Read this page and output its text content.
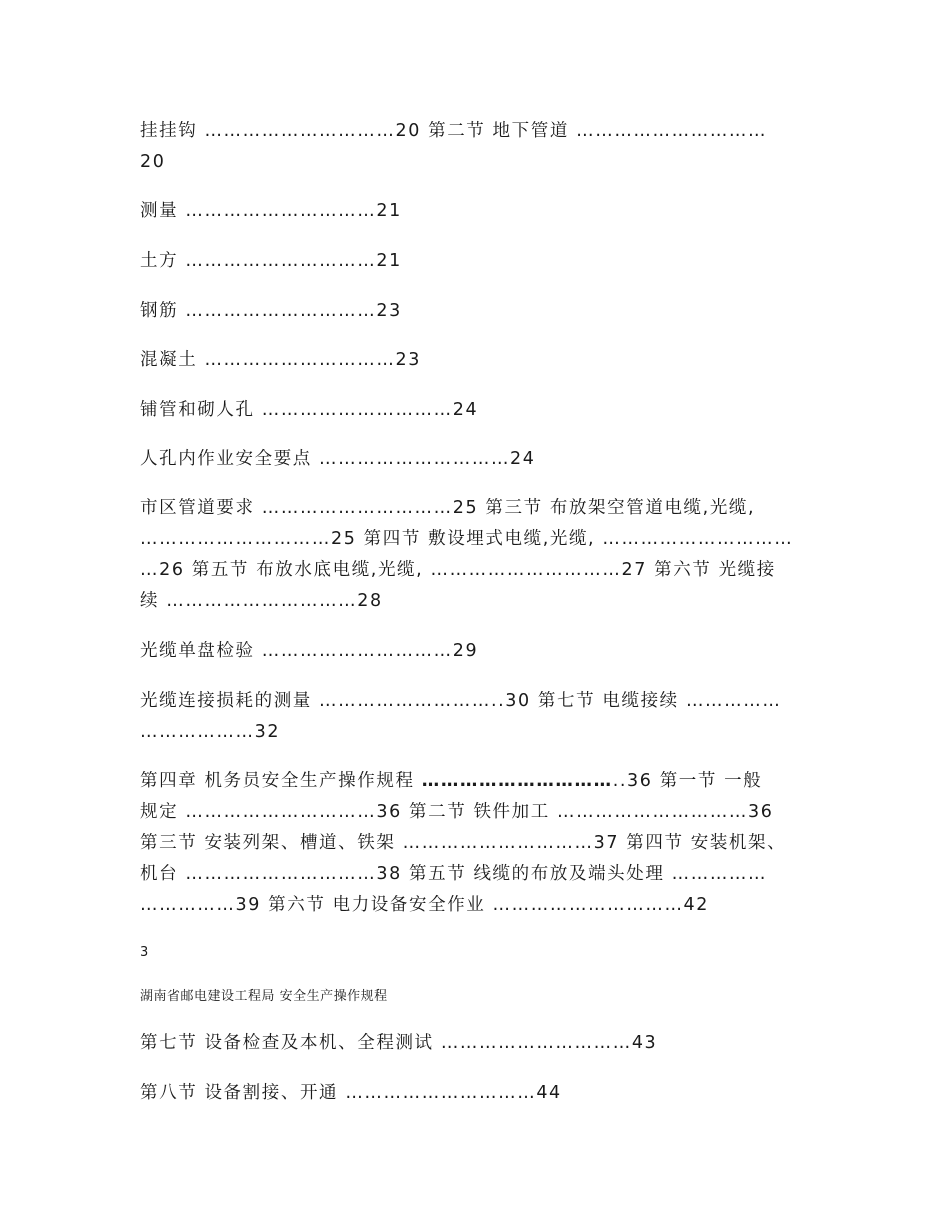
挂挂钩 …………………………20 第二节 地下管道 …………………………
20
测量 …………………………21
土方 …………………………21
钢筋 …………………………23
混凝土 …………………………23
铺管和砌人孔 …………………………24
人孔内作业安全要点 …………………………24
市区管道要求 …………………………25 第三节 布放架空管道电缆,光缆,
…………………………25 第四节 敷设埋式电缆,光缆, …………………………
…26 第五节 布放水底电缆,光缆, …………………………27 第六节 光缆接
续 …………………………28
光缆单盘检验 …………………………29
光缆连接损耗的测量 ………………………..30 第七节 电缆接续 ……………
………………32
第四章 机务员安全生产操作规程 …………………………..36 第一节 一般
规定 …………………………36 第二节 铁件加工 …………………………36
第三节 安装列架、槽道、铁架 …………………………37 第四节 安装机架、
机台 …………………………38 第五节 线缆的布放及端头处理 ……………
……………39 第六节 电力设备安全作业 …………………………42
3
湖南省邮电建设工程局 安全生产操作规程
第七节 设备检查及本机、全程测试 …………………………43
第八节 设备割接、开通 …………………………44
